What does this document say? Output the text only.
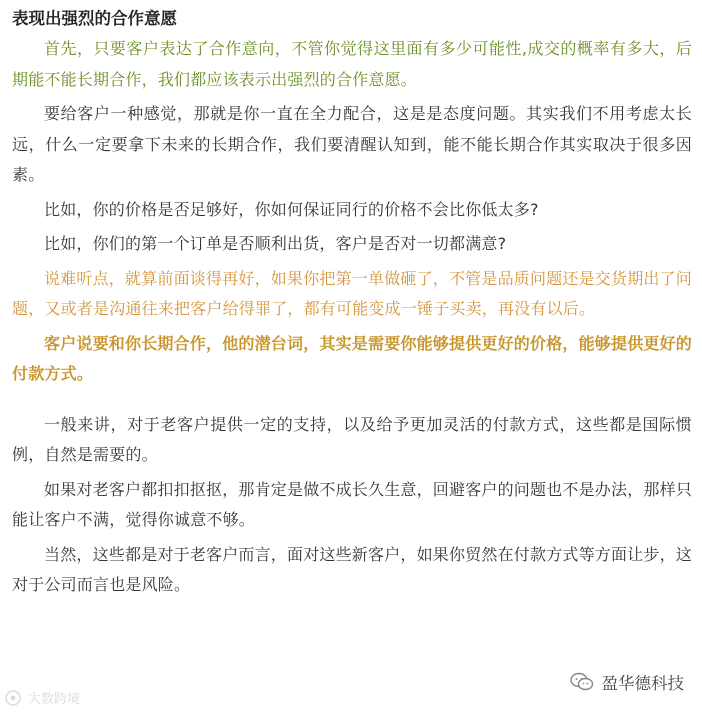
表现出强烈的合作意愿

首先，只要客户表达了合作意向，不管你觉得这里面有多少可能性,成交的概率有多大，后期能不能长期合作，我们都应该表示出强烈的合作意愿。

要给客户一种感觉，那就是你一直在全力配合，这是是态度问题。其实我们不用考虑太长远，什么一定要拿下未来的长期合作，我们要清醒认知到，能不能长期合作其实取决于很多因素。

比如，你的价格是否足够好，你如何保证同行的价格不会比你低太多?

比如，你们的第一个订单是否顺利出货，客户是否对一切都满意?

说难听点，就算前面谈得再好，如果你把第一单做砸了，不管是品质问题还是交货期出了问题，又或者是沟通往来把客户给得罪了，都有可能变成一锤子买卖，再没有以后。

客户说要和你长期合作，他的潜台词，其实是需要你能够提供更好的价格，能够提供更好的付款方式。

一般来讲，对于老客户提供一定的支持，以及给予更加灵活的付款方式，这些都是国际惯例，自然是需要的。

如果对老客户都扣扣抠抠，那肯定是做不成长久生意，回避客户的问题也不是办法，那样只能让客户不满，觉得你诚意不够。

当然，这些都是对于老客户而言，面对这些新客户，如果你贸然在付款方式等方面让步，这对于公司而言也是风险。

盈华德科技
大数跨境
